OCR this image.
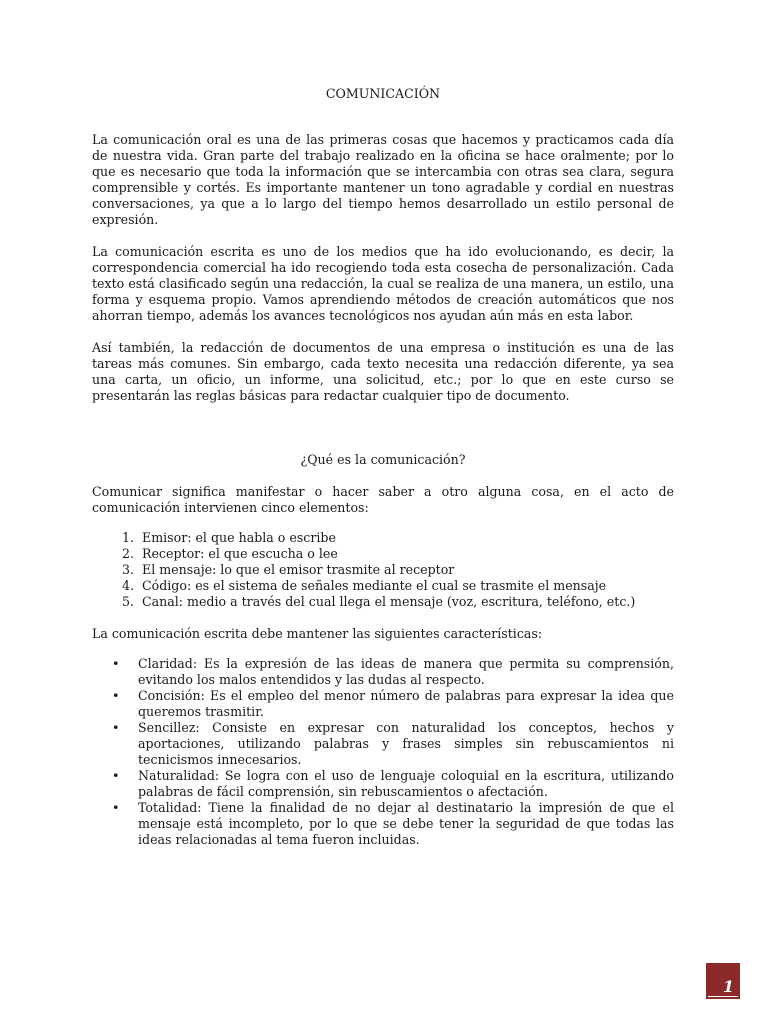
COMUNICACIÓN

La comunicación oral es una de las primeras cosas que hacemos y practicamos cada día de nuestra vida. Gran parte del trabajo realizado en la oficina se hace oralmente; por lo que es necesario que toda la información que se intercambia con otras sea clara, segura comprensible y cortés. Es importante mantener un tono agradable y cordial en nuestras conversaciones, ya que a lo largo del tiempo hemos desarrollado un estilo personal de expresión.

La comunicación escrita es uno de los medios que ha ido evolucionando, es decir, la correspondencia comercial ha ido recogiendo toda esta cosecha de personalización. Cada texto está clasificado según una redacción, la cual se realiza de una manera, un estilo, una forma y esquema propio. Vamos aprendiendo métodos de creación automáticos que nos ahorran tiempo, además los avances tecnológicos nos ayudan aún más en esta labor.

Así también, la redacción de documentos de una empresa o institución es una de las tareas más comunes. Sin embargo, cada texto necesita una redacción diferente, ya sea una carta, un oficio, un informe, una solicitud, etc.; por lo que en este curso se presentarán las reglas básicas para redactar cualquier tipo de documento.

¿Qué es la comunicación?

Comunicar significa manifestar o hacer saber a otro alguna cosa, en el acto de comunicación intervienen cinco elementos:

1. Emisor: el que habla o escribe
2. Receptor: el que escucha o lee
3. El mensaje: lo que el emisor trasmite al receptor
4. Código: es el sistema de señales mediante el cual se trasmite el mensaje
5. Canal: medio a través del cual llega el mensaje (voz, escritura, teléfono, etc.)

La comunicación escrita debe mantener las siguientes características:

• Claridad: Es la expresión de las ideas de manera que permita su comprensión, evitando los malos entendidos y las dudas al respecto.
• Concisión: Es el empleo del menor número de palabras para expresar la idea que queremos trasmitir.
• Sencillez: Consiste en expresar con naturalidad los conceptos, hechos y aportaciones, utilizando palabras y frases simples sin rebuscamientos ni tecnicismos innecesarios.
• Naturalidad: Se logra con el uso de lenguaje coloquial en la escritura, utilizando palabras de fácil comprensión, sin rebuscamientos o afectación.
• Totalidad: Tiene la finalidad de no dejar al destinatario la impresión de que el mensaje está incompleto, por lo que se debe tener la seguridad de que todas las ideas relacionadas al tema fueron incluidas.
1
